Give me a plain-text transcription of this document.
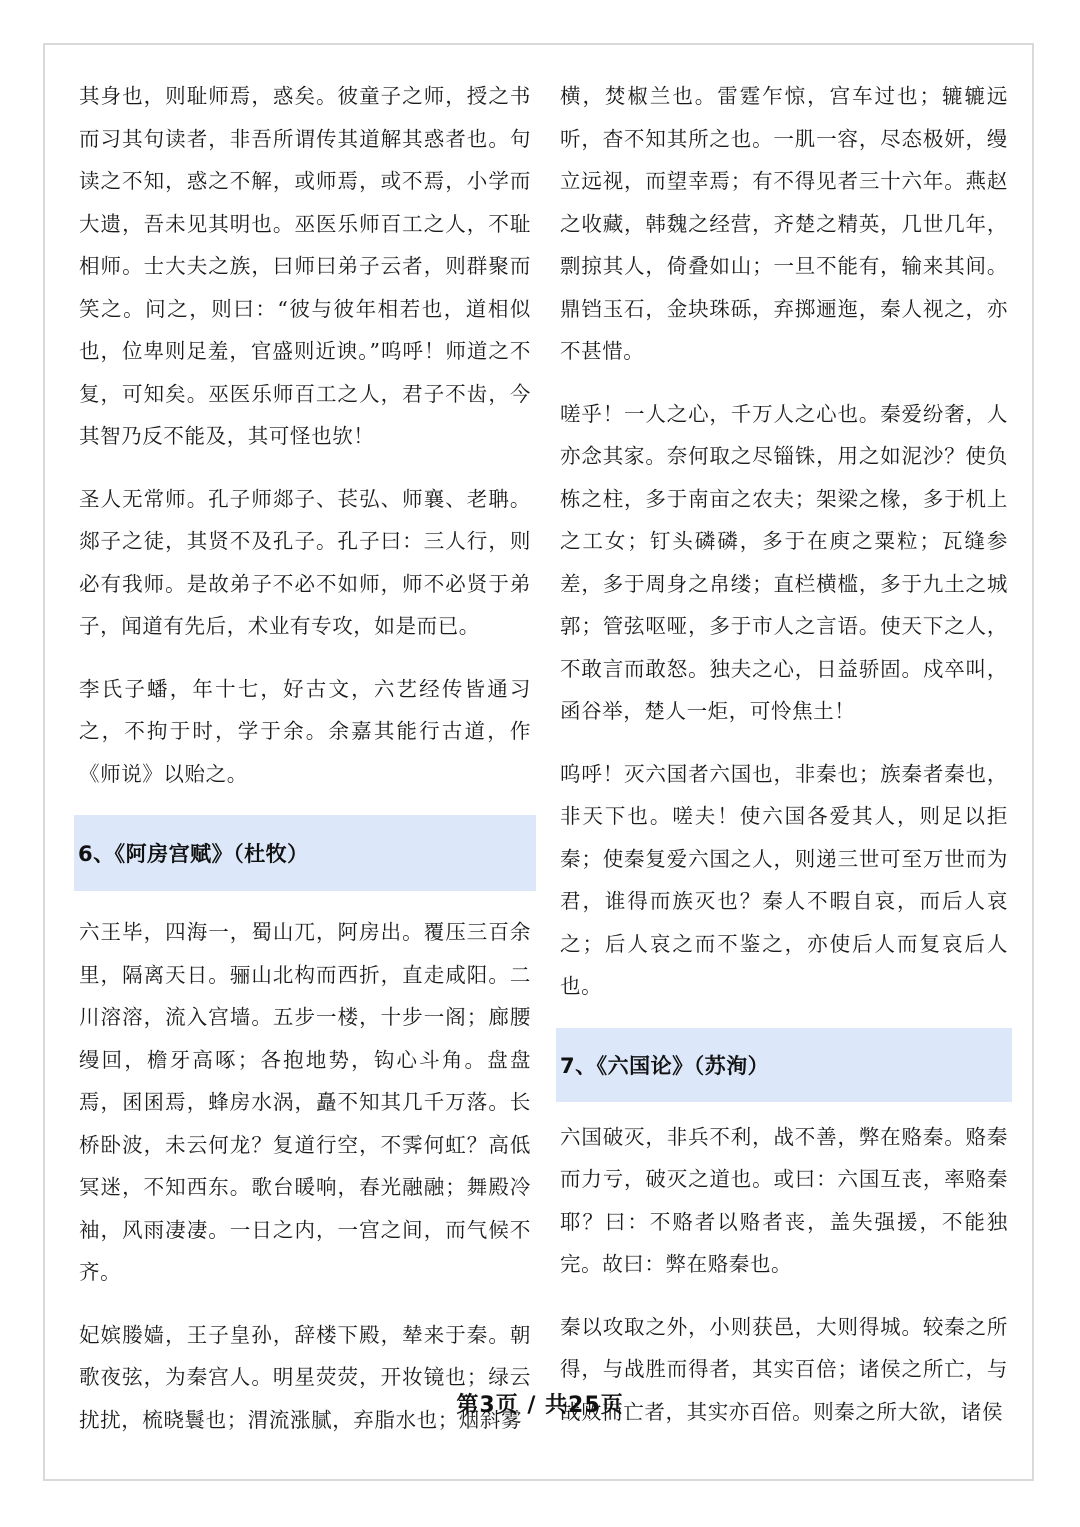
其身也，则耻师焉，惑矣。彼童子之师，授之书而习其句读者，非吾所谓传其道解其惑者也。句读之不知，惑之不解，或师焉，或不焉，小学而大遗，吾未见其明也。巫医乐师百工之人，不耻相师。士大夫之族，曰师曰弟子云者，则群聚而笑之。问之，则曰：“彼与彼年相若也，道相似也，位卑则足羞，官盛则近谀。”呜呼！师道之不复，可知矣。巫医乐师百工之人，君子不齿，今其智乃反不能及，其可怪也欤！

圣人无常师。孔子师郯子、苌弘、师襄、老聃。郯子之徒，其贤不及孔子。孔子曰：三人行，则必有我师。是故弟子不必不如师，师不必贤于弟子，闻道有先后，术业有专攻，如是而已。

李氏子蟠，年十七，好古文，六艺经传皆通习之，不拘于时，学于余。余嘉其能行古道，作《师说》以贻之。

6、《阿房宫赋》（杜牧）

六王毕，四海一，蜀山兀，阿房出。覆压三百余里，隔离天日。骊山北构而西折，直走咸阳。二川溶溶，流入宫墙。五步一楼，十步一阁；廊腰缦回，檐牙高啄；各抱地势，钩心斗角。盘盘焉，囷囷焉，蜂房水涡，矗不知其几千万落。长桥卧波，未云何龙？复道行空，不霁何虹？高低冥迷，不知西东。歌台暖响，春光融融；舞殿冷袖，风雨凄凄。一日之内，一宫之间，而气候不齐。

妃嫔媵嫱，王子皇孙，辞楼下殿，辇来于秦。朝歌夜弦，为秦宫人。明星荧荧，开妆镜也；绿云扰扰，梳晓鬟也；渭流涨腻，弃脂水也；烟斜雾

横，焚椒兰也。雷霆乍惊，宫车过也；辘辘远听，杳不知其所之也。一肌一容，尽态极妍，缦立远视，而望幸焉；有不得见者三十六年。燕赵之收藏，韩魏之经营，齐楚之精英，几世几年，剽掠其人，倚叠如山；一旦不能有，输来其间。鼎铛玉石，金块珠砾，弃掷逦迤，秦人视之，亦不甚惜。

嗟乎！一人之心，千万人之心也。秦爱纷奢，人亦念其家。奈何取之尽锱铢，用之如泥沙？使负栋之柱，多于南亩之农夫；架梁之椽，多于机上之工女；钉头磷磷，多于在庾之粟粒；瓦缝参差，多于周身之帛缕；直栏横槛，多于九土之城郭；管弦呕哑，多于市人之言语。使天下之人，不敢言而敢怒。独夫之心，日益骄固。戍卒叫，函谷举，楚人一炬，可怜焦土！

呜呼！灭六国者六国也，非秦也；族秦者秦也，非天下也。嗟夫！使六国各爱其人，则足以拒秦；使秦复爱六国之人，则递三世可至万世而为君，谁得而族灭也？秦人不暇自哀，而后人哀之；后人哀之而不鉴之，亦使后人而复哀后人也。

7、《六国论》（苏洵）

六国破灭，非兵不利，战不善，弊在赂秦。赂秦而力亏，破灭之道也。或曰：六国互丧，率赂秦耶？曰：不赂者以赂者丧，盖失强援，不能独完。故曰：弊在赂秦也。

秦以攻取之外，小则获邑，大则得城。较秦之所得，与战胜而得者，其实百倍；诸侯之所亡，与战败而亡者，其实亦百倍。则秦之所大欲，诸侯

第3页 / 共25页
